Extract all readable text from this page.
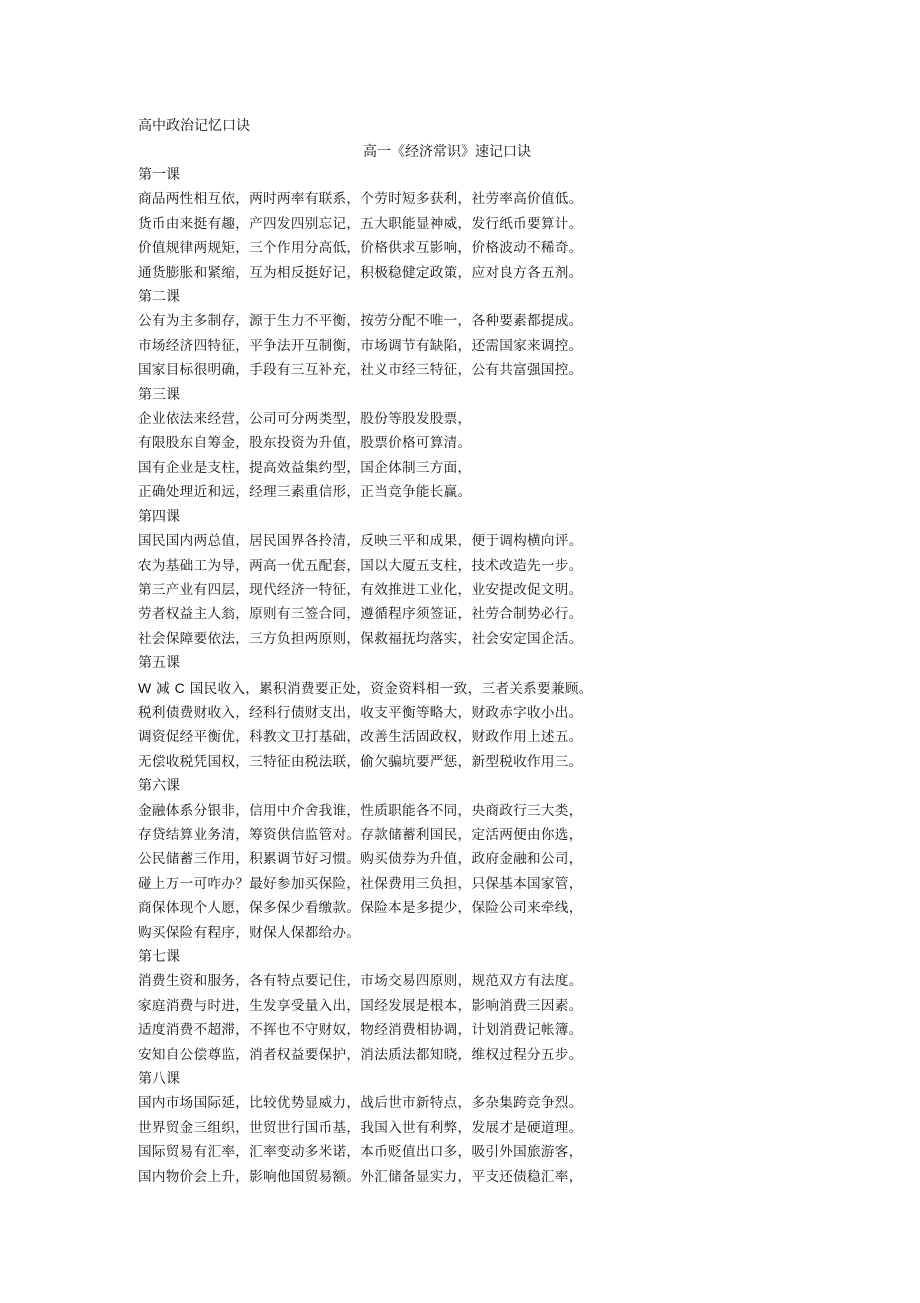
高中政治记忆口诀

高一《经济常识》速记口诀

第一课

商品两性相互依，两时两率有联系，个劳时短多获利，社劳率高价值低。

货币由来挺有趣，产四发四别忘记，五大职能显神威，发行纸币要算计。

价值规律两规矩，三个作用分高低，价格供求互影响，价格波动不稀奇。

通货膨胀和紧缩，互为相反挺好记，积极稳健定政策，应对良方各五剂。

第二课

公有为主多制存，源于生力不平衡，按劳分配不唯一，各种要素都提成。

市场经济四特征，平争法开互制衡，市场调节有缺陷，还需国家来调控。

国家目标很明确，手段有三互补充，社义市经三特征，公有共富强国控。

第三课

企业依法来经营，公司可分两类型，股份等股发股票，

有限股东自筹金，股东投资为升值，股票价格可算清。

国有企业是支柱，提高效益集约型，国企体制三方面，

正确处理近和远，经理三素重信形，正当竞争能长赢。

第四课

国民国内两总值，居民国界各拎清，反映三平和成果，便于调构横向评。

农为基础工为导，两高一优五配套，国以大厦五支柱，技术改造先一步。

第三产业有四层，现代经济一特征，有效推进工业化，业安提改促文明。

劳者权益主人翁，原则有三签合同，遵循程序须签证，社劳合制势必行。

社会保障要依法，三方负担两原则，保救福抚均落实，社会安定国企活。

第五课

W 减 C 国民收入，累积消费要正处，资金资料相一致，三者关系要兼顾。

税利债费财收入，经科行债财支出，收支平衡等略大，财政赤字收小出。

调资促经平衡优，科教文卫打基础，改善生活固政权，财政作用上述五。

无偿收税凭国权，三特征由税法联，偷欠骗坑要严惩，新型税收作用三。

第六课

金融体系分银非，信用中介舍我谁，性质职能各不同，央商政行三大类，

存贷结算业务清，筹资供信监管对。存款储蓄利国民，定活两便由你选，

公民储蓄三作用，积累调节好习惯。购买债券为升值，政府金融和公司，

碰上万一可咋办？最好参加买保险，社保费用三负担，只保基本国家管，

商保体现个人愿，保多保少看缴款。保险本是多提少，保险公司来牵线，

购买保险有程序，财保人保都给办。

第七课

消费生资和服务，各有特点要记住，市场交易四原则，规范双方有法度。

家庭消费与时进，生发享受量入出，国经发展是根本，影响消费三因素。

适度消费不超滞，不挥也不守财奴，物经消费相协调，计划消费记帐簿。

安知自公偿尊监，消者权益要保护，消法质法都知晓，维权过程分五步。

第八课

国内市场国际延，比较优势显威力，战后世市新特点，多杂集跨竞争烈。

世界贸金三组织，世贸世行国币基，我国入世有利弊，发展才是硬道理。

国际贸易有汇率，汇率变动多米诺，本币贬值出口多，吸引外国旅游客，

国内物价会上升，影响他国贸易额。外汇储备显实力，平支还债稳汇率，
